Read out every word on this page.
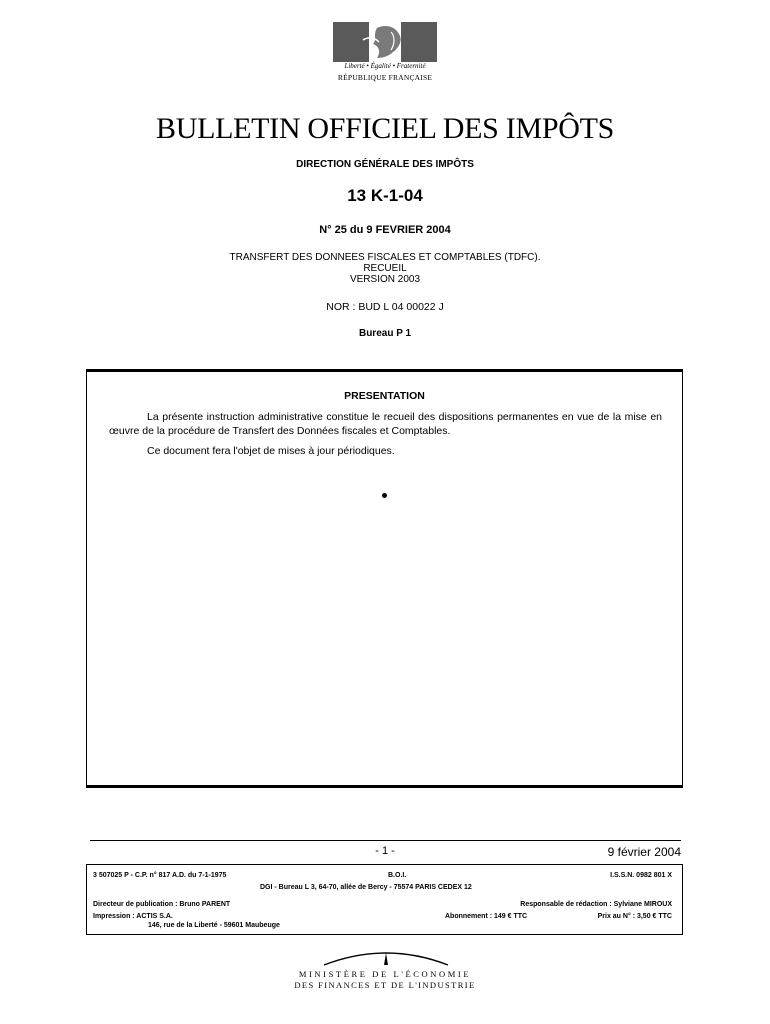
Liberté • Égalité • Fraternité
RÉPUBLIQUE FRANÇAISE
BULLETIN OFFICIEL DES IMPÔTS
DIRECTION GÉNÉRALE DES IMPÔTS
13 K-1-04
N° 25 du 9 FEVRIER 2004
TRANSFERT DES DONNEES FISCALES ET COMPTABLES (TDFC).
RECUEIL
VERSION 2003
NOR : BUD L 04 00022 J
Bureau P 1
PRESENTATION

La présente instruction administrative constitue le recueil des dispositions permanentes en vue de la mise en œuvre de la procédure de Transfert des Données fiscales et Comptables.

Ce document fera l'objet de mises à jour périodiques.

- 1 -	9 février 2004
3 507025 P - C.P. n° 817 A.D. du 7-1-1975	B.O.I.	I.S.S.N. 0982 801 X
DGI - Bureau L 3, 64-70, allée de Bercy - 75574 PARIS CEDEX 12
Directeur de publication : Bruno PARENT	Responsable de rédaction : Sylviane MIROUX
Impression : ACTIS S.A.	Abonnement : 149 € TTC	Prix au N° : 3,50 € TTC
146, rue de la Liberté - 59601 Maubeuge
MINISTÈRE DE L'ÉCONOMIE
DES FINANCES ET DE L'INDUSTRIE
